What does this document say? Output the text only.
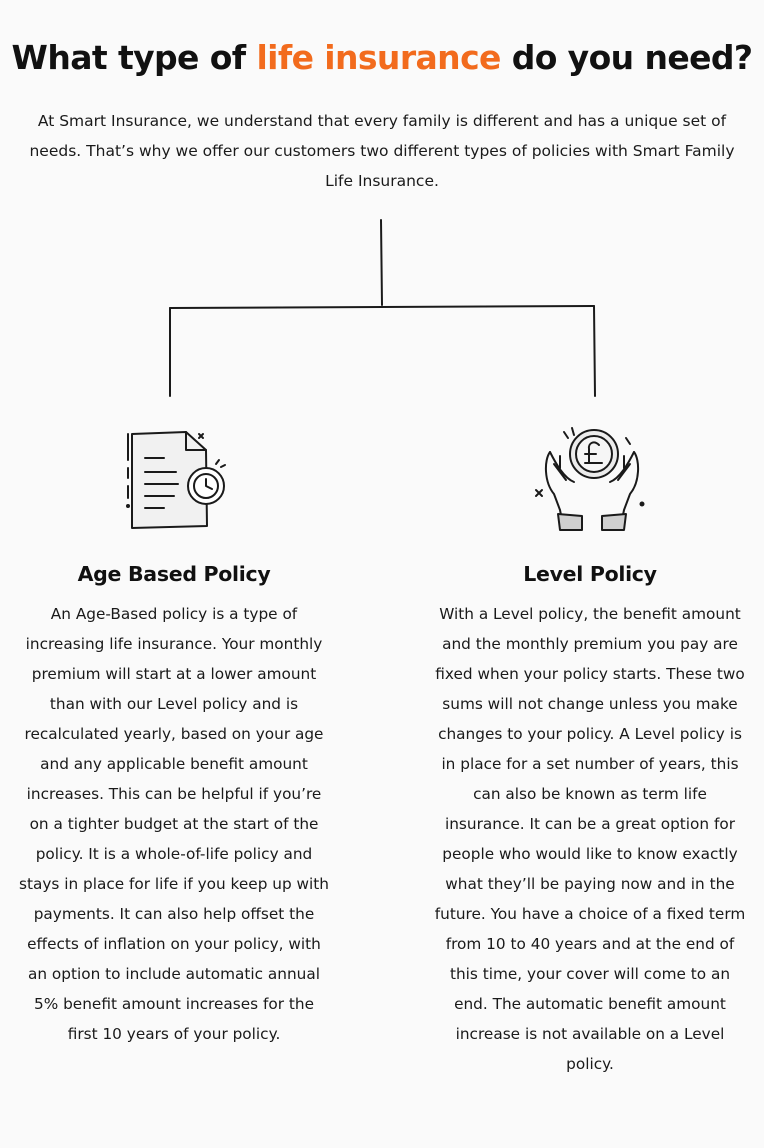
What type of life insurance do you need?

At Smart Insurance, we understand that every family is different and has a unique set of needs. That’s why we offer our customers two different types of policies with Smart Family Life Insurance.

Age Based Policy

An Age-Based policy is a type of increasing life insurance. Your monthly premium will start at a lower amount than with our Level policy and is recalculated yearly, based on your age and any applicable benefit amount increases. This can be helpful if you’re on a tighter budget at the start of the policy. It is a whole-of-life policy and stays in place for life if you keep up with payments. It can also help offset the effects of inflation on your policy, with an option to include automatic annual 5% benefit amount increases for the first 10 years of your policy.

Level Policy

With a Level policy, the benefit amount and the monthly premium you pay are fixed when your policy starts. These two sums will not change unless you make changes to your policy. A Level policy is in place for a set number of years, this can also be known as term life insurance. It can be a great option for people who would like to know exactly what they’ll be paying now and in the future. You have a choice of a fixed term from 10 to 40 years and at the end of this time, your cover will come to an end. The automatic benefit amount increase is not available on a Level policy.
